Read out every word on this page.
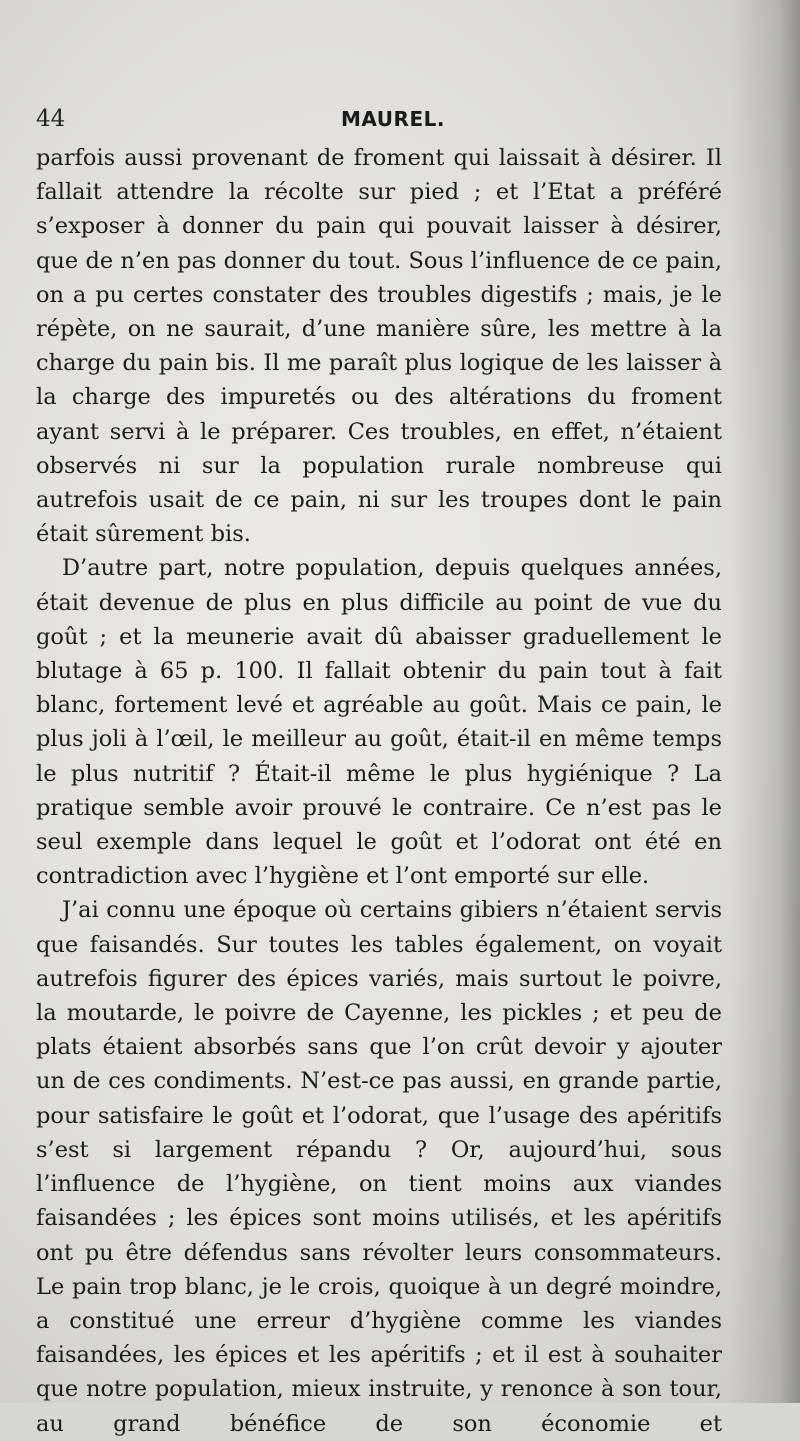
44	MAUREL.

parfois aussi provenant de froment qui laissait à désirer. Il fallait attendre la récolte sur pied ; et l’Etat a préféré s’exposer à donner du pain qui pouvait laisser à désirer, que de n’en pas donner du tout. Sous l’influence de ce pain, on a pu certes constater des troubles digestifs ; mais, je le répète, on ne saurait, d’une manière sûre, les mettre à la charge du pain bis. Il me paraît plus logique de les laisser à la charge des impuretés ou des altérations du froment ayant servi à le préparer. Ces troubles, en effet, n’étaient observés ni sur la population rurale nombreuse qui autrefois usait de ce pain, ni sur les troupes dont le pain était sûrement bis.

D’autre part, notre population, depuis quelques années, était devenue de plus en plus difficile au point de vue du goût ; et la meunerie avait dû abaisser graduellement le blutage à 65 p. 100. Il fallait obtenir du pain tout à fait blanc, fortement levé et agréable au goût. Mais ce pain, le plus joli à l’œil, le meilleur au goût, était-il en même temps le plus nutritif ? Était-il même le plus hygiénique ? La pratique semble avoir prouvé le contraire. Ce n’est pas le seul exemple dans lequel le goût et l’odorat ont été en contradiction avec l’hygiène et l’ont emporté sur elle.

J’ai connu une époque où certains gibiers n’étaient servis que faisandés. Sur toutes les tables également, on voyait autrefois figurer des épices variés, mais surtout le poivre, la moutarde, le poivre de Cayenne, les pickles ; et peu de plats étaient absorbés sans que l’on crût devoir y ajouter un de ces condiments. N’est-ce pas aussi, en grande partie, pour satisfaire le goût et l’odorat, que l’usage des apéritifs s’est si largement répandu ? Or, aujourd’hui, sous l’influence de l’hygiène, on tient moins aux viandes faisandées ; les épices sont moins utilisés, et les apéritifs ont pu être défendus sans révolter leurs consommateurs. Le pain trop blanc, je le crois, quoique à un degré moindre, a constitué une erreur d’hygiène comme les viandes faisandées, les épices et les apéritifs ; et il est à souhaiter que notre population, mieux instruite, y renonce à son tour, au grand bénéfice de son économie et
